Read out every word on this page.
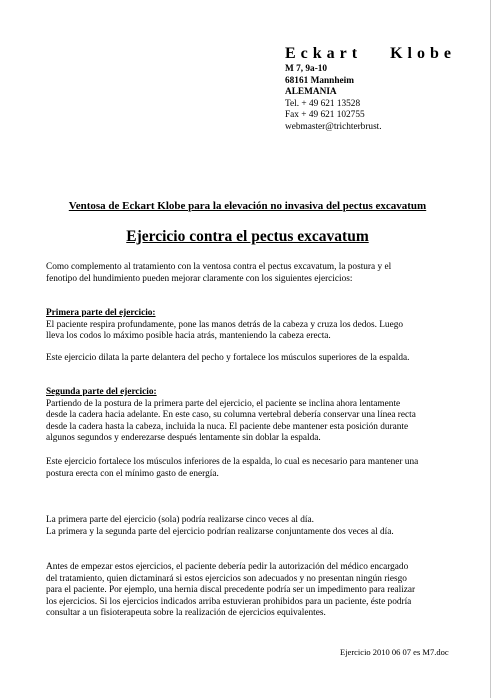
Eckart Klobe
M 7, 9a-10
68161 Mannheim
ALEMANIA
Tel. + 49 621 13528
Fax + 49 621 102755
webmaster@trichterbrust.
Ventosa de Eckart Klobe para la elevación no invasiva del pectus excavatum
Ejercicio contra el pectus excavatum
Como complemento al tratamiento con la ventosa contra el pectus excavatum, la postura y el
fenotipo del hundimiento pueden mejorar claramente con los siguientes ejercicios:
Primera parte del ejercicio:
El paciente respira profundamente, pone las manos detrás de la cabeza y cruza los dedos. Luego
lleva los codos lo máximo posible hacia atrás, manteniendo la cabeza erecta.
Este ejercicio dilata la parte delantera del pecho y fortalece los músculos superiores de la espalda.
Segunda parte del ejercicio:
Partiendo de la postura de la primera parte del ejercicio, el paciente se inclina ahora lentamente
desde la cadera hacia adelante. En este caso, su columna vertebral debería conservar una línea recta
desde la cadera hasta la cabeza, incluida la nuca. El paciente debe mantener esta posición durante
algunos segundos y enderezarse después lentamente sin doblar la espalda.
Este ejercicio fortalece los músculos inferiores de la espalda, lo cual es necesario para mantener una
postura erecta con el mínimo gasto de energía.
La primera parte del ejercicio (sola) podría realizarse cinco veces al día.
La primera y la segunda parte del ejercicio podrían realizarse conjuntamente dos veces al día.
Antes de empezar estos ejercicios, el paciente debería pedir la autorización del médico encargado
del tratamiento, quien dictaminará si estos ejercicios son adecuados y no presentan ningún riesgo
para el paciente. Por ejemplo, una hernia discal precedente podría ser un impedimento para realizar
los ejercicios. Si los ejercicios indicados arriba estuvieran prohibidos para un paciente, éste podría
consultar a un fisioterapeuta sobre la realización de ejercicios equivalentes.
Ejercicio 2010 06 07 es M7.doc
